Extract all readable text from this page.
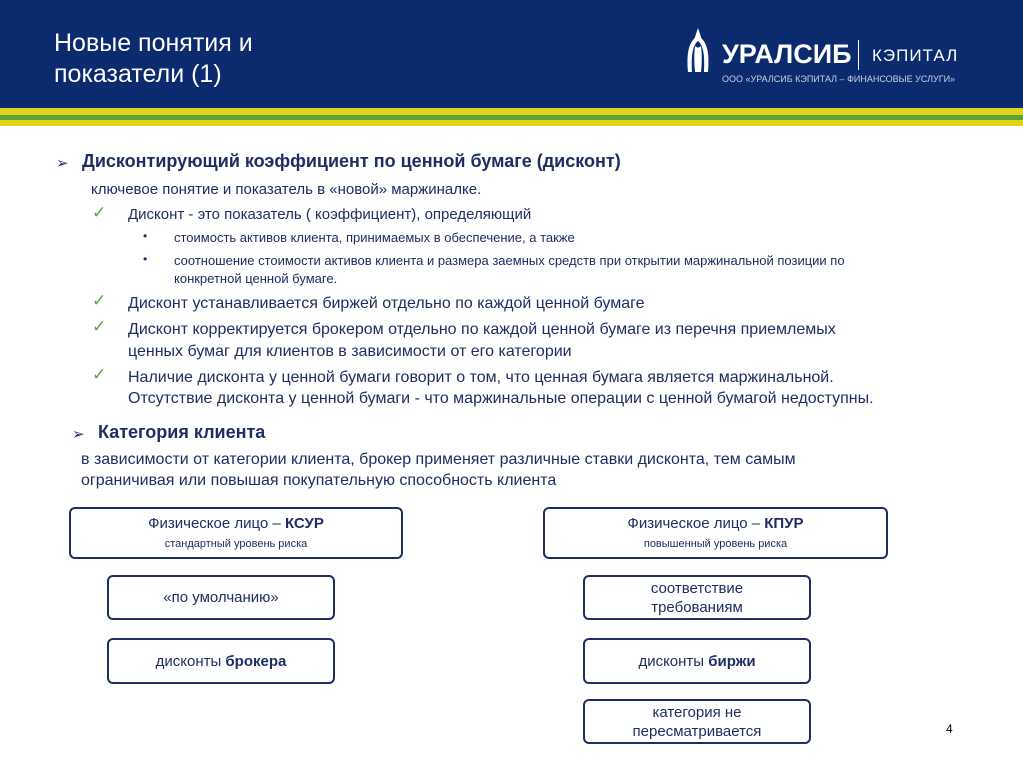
Новые понятия и
показатели (1)
УРАЛСИБ КЭПИТАЛ
ООО «УРАЛСИБ КЭПИТАЛ – ФИНАНСОВЫЕ УСЛУГИ»
➢ Дисконтирующий коэффициент по ценной бумаге (дисконт)
ключевое понятие и показатель в «новой» маржиналке.
✓ Дисконт - это показатель ( коэффициент), определяющий
• стоимость активов клиента, принимаемых в обеспечение, а также
• соотношение стоимости активов клиента и размера заемных средств при открытии маржинальной позиции по
конкретной ценной бумаге.
✓ Дисконт устанавливается биржей отдельно по каждой ценной бумаге
✓ Дисконт корректируется брокером отдельно по каждой ценной бумаге из перечня приемлемых
ценных бумаг для клиентов в зависимости от его категории
✓ Наличие дисконта у ценной бумаги говорит о том, что ценная бумага является маржинальной.
Отсутствие дисконта у ценной бумаги - что маржинальные операции с ценной бумагой недоступны.
➢ Категория клиента
в зависимости от категории клиента, брокер применяет различные ставки дисконта, тем самым
ограничивая или повышая покупательную способность клиента
Физическое лицо – КСУР
стандартный уровень риска
«по умолчанию»
дисконты брокера
Физическое лицо – КПУР
повышенный уровень риска
соответствие
требованиям
дисконты биржи
категория не
пересматривается	4
